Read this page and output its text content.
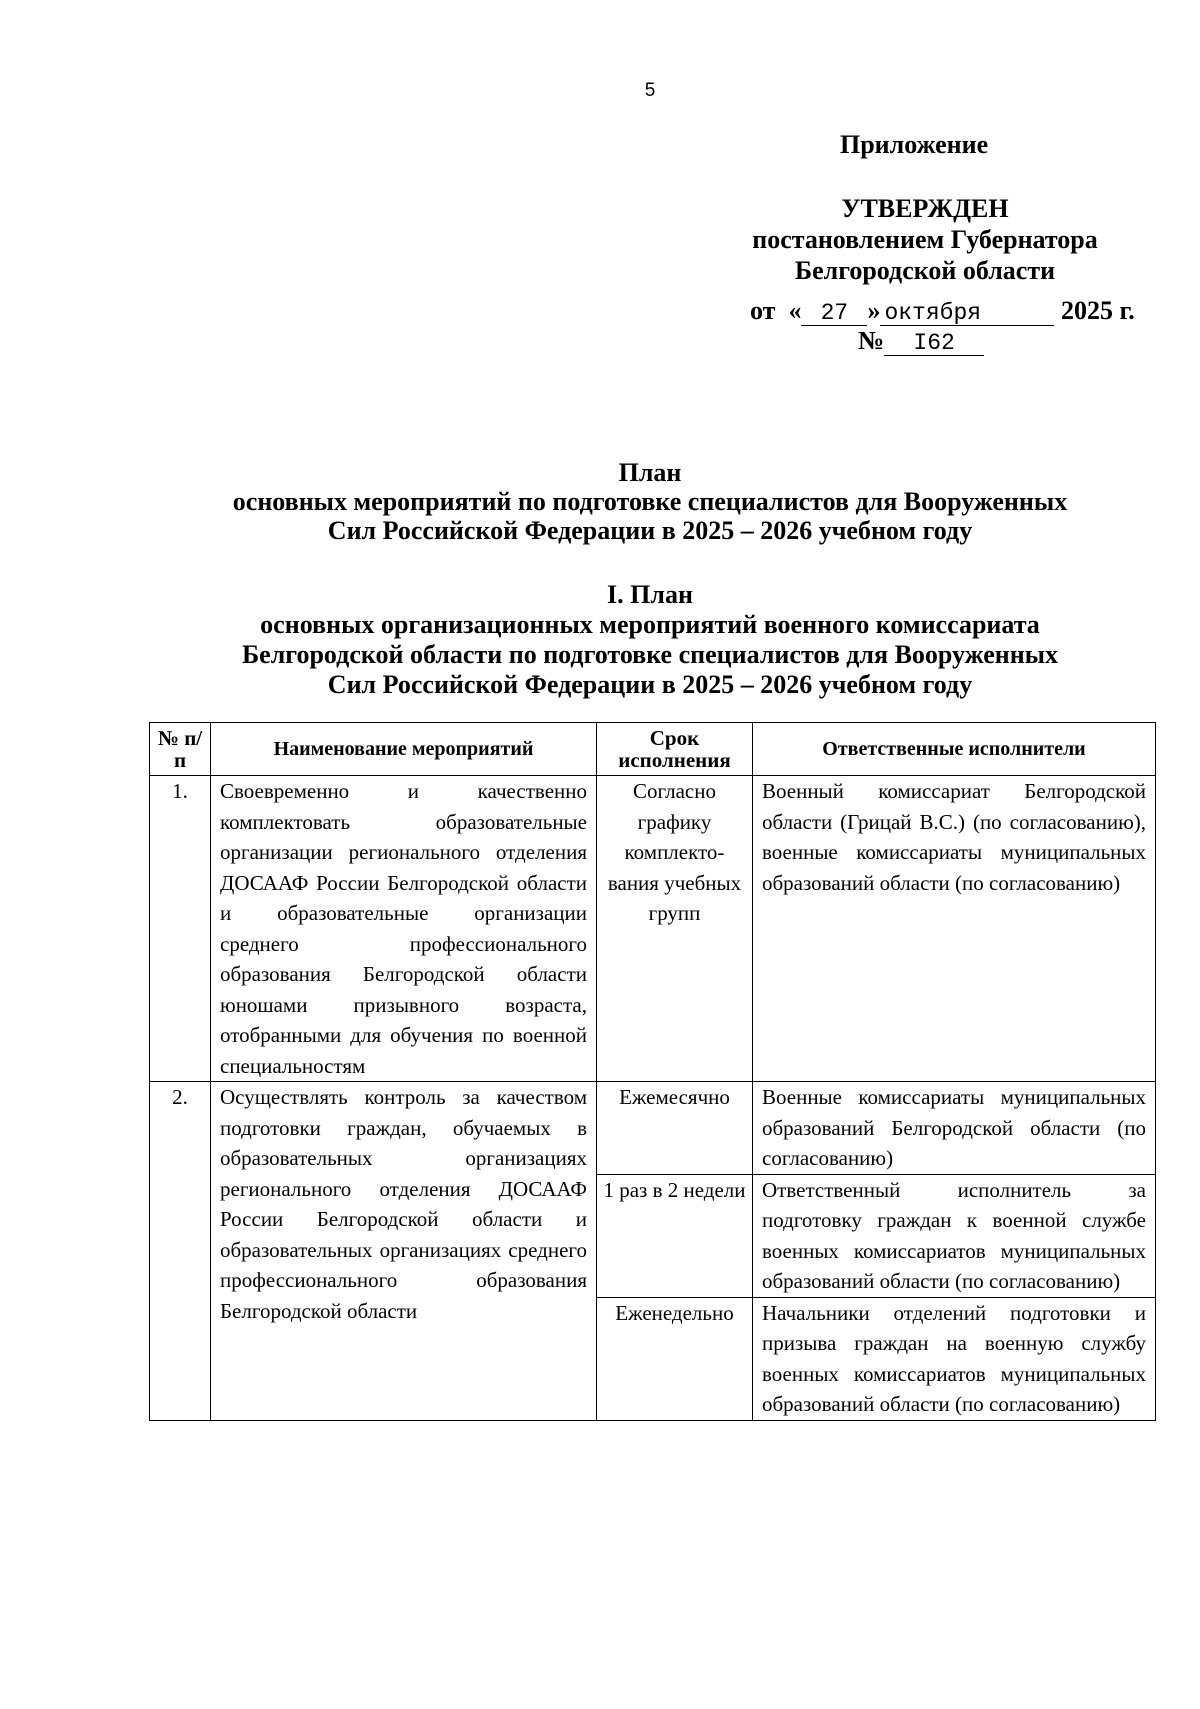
5
Приложение
УТВЕРЖДЕН
постановлением Губернатора
Белгородской области
от « 27 » октября	2025 г.
№ I62
План
основных мероприятий по подготовке специалистов для Вооруженных
Сил Российской Федерации в 2025 – 2026 учебном году
I. План
основных организационных мероприятий военного комиссариата
Белгородской области по подготовке специалистов для Вооруженных
Сил Российской Федерации в 2025 – 2026 учебном году
№ п/п	Наименование мероприятий	Срок исполнения	Ответственные исполнители
1.	Своевременно и качественно комплектовать образовательные организации регионального отделения ДОСААФ России Белгородской области и образовательные организации среднего профессионального образования Белгородской области юношами призывного возраста, отобранными для обучения по военной специальностям	Согласно графику комплекто-вания учебных групп	Военный комиссариат Белгородской области (Грицай В.С.) (по согласованию), военные комиссариаты муниципальных образований области (по согласованию)
2.	Осуществлять контроль за качеством подготовки граждан, обучаемых в образовательных организациях регионального отделения ДОСААФ России Белгородской области и образовательных организациях среднего профессионального образования Белгородской области	Ежемесячно	Военные комиссариаты муниципальных образований Белгородской области (по согласованию)
		1 раз в 2 недели	Ответственный исполнитель за подготовку граждан к военной службе военных комиссариатов муниципальных образований области (по согласованию)
		Еженедельно	Начальники отделений подготовки и призыва граждан на военную службу военных комиссариатов муниципальных образований области (по согласованию)
